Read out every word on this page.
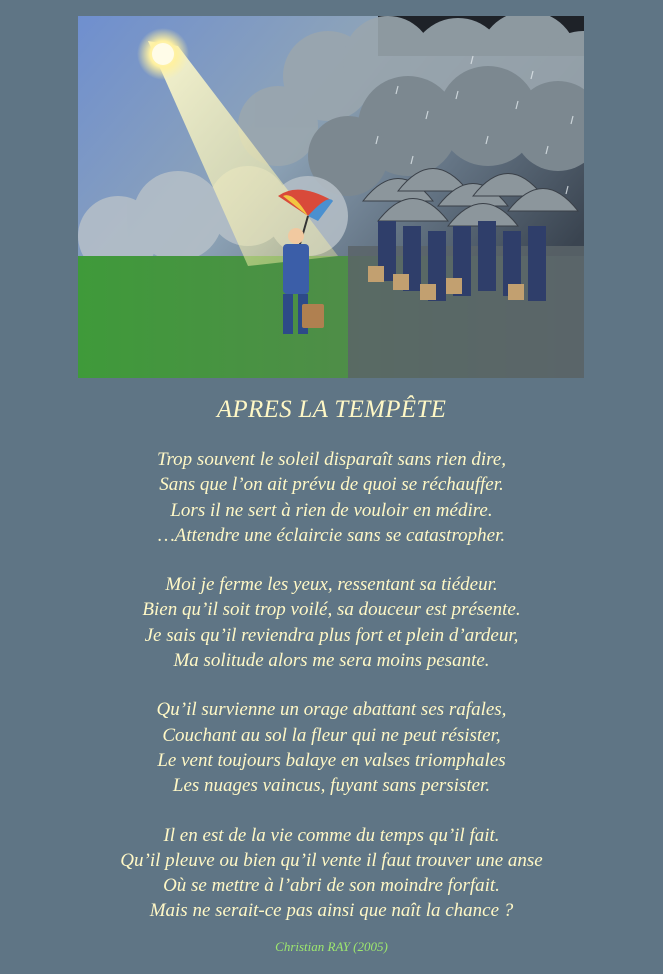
APRES LA TEMPÊTE
Trop souvent le soleil disparaît sans rien dire,
Sans que l’on ait prévu de quoi se réchauffer.
Lors il ne sert à rien de vouloir en médire.
…Attendre une éclaircie sans se catastropher.
Moi je ferme les yeux, ressentant sa tiédeur.
Bien qu’il soit trop voilé, sa douceur est présente.
Je sais qu’il reviendra plus fort et plein d’ardeur,
Ma solitude alors me sera moins pesante.
Qu’il survienne un orage abattant ses rafales,
Couchant au sol la fleur qui ne peut résister,
Le vent toujours balaye en valses triomphales
Les nuages vaincus, fuyant sans persister.
Il en est de la vie comme du temps qu’il fait.
Qu’il pleuve ou bien qu’il vente il faut trouver une anse
Où se mettre à l’abri de son moindre forfait.
Mais ne serait-ce pas ainsi que naît la chance ?
Christian RAY (2005)
